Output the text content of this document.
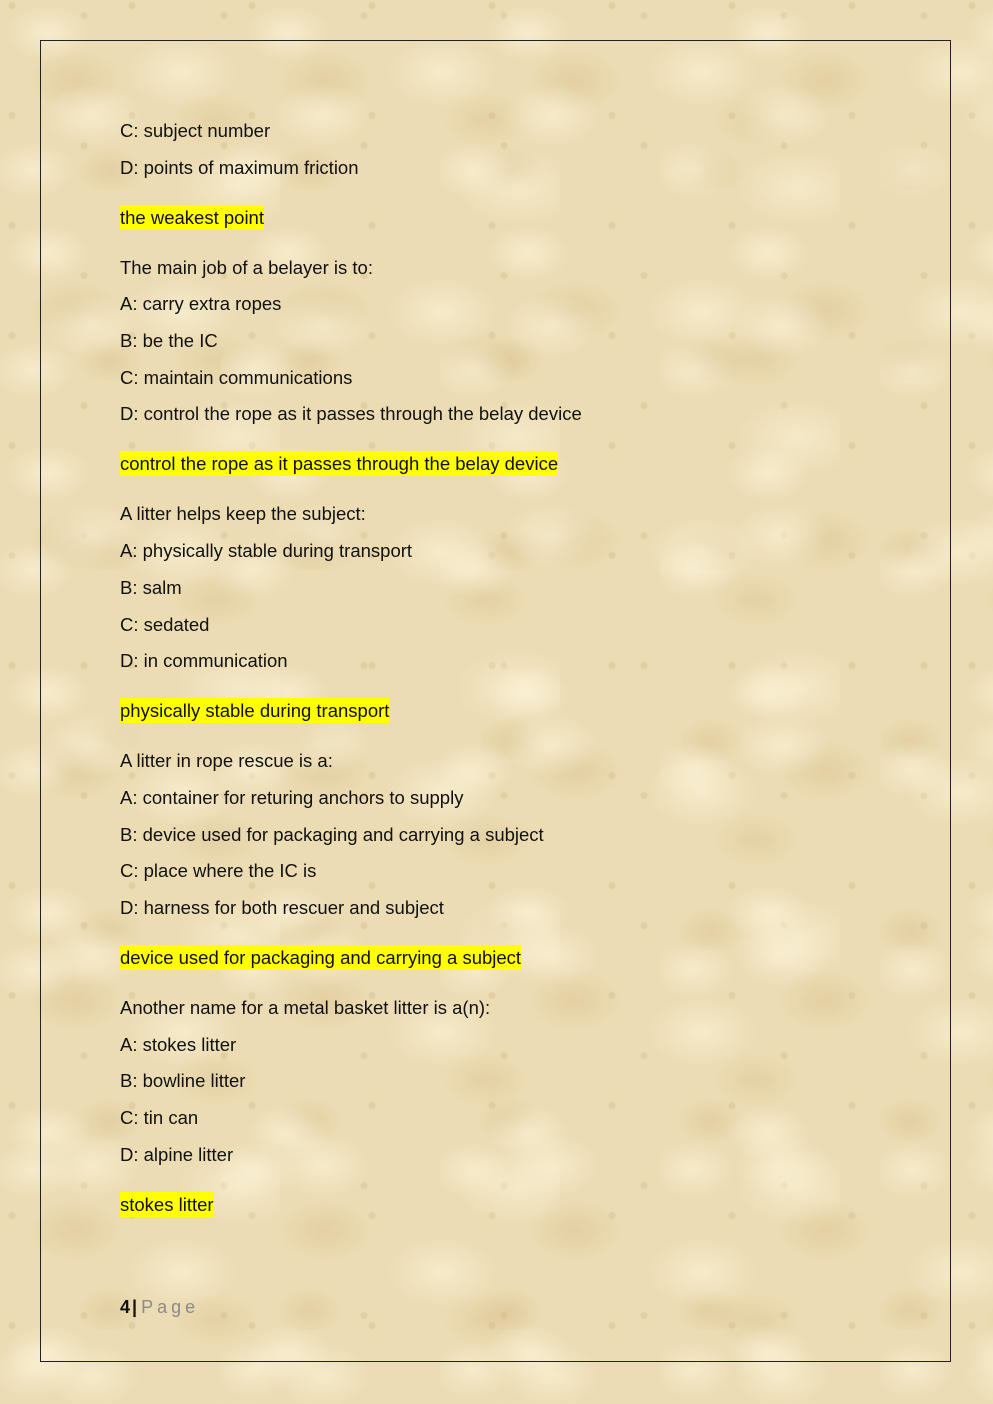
C: subject number
D: points of maximum friction
the weakest point
The main job of a belayer is to:
A: carry extra ropes
B: be the IC
C: maintain communications
D: control the rope as it passes through the belay device
control the rope as it passes through the belay device
A litter helps keep the subject:
A: physically stable during transport
B: salm
C: sedated
D: in communication
physically stable during transport
A litter in rope rescue is a:
A: container for returing anchors to supply
B: device used for packaging and carrying a subject
C: place where the IC is
D: harness for both rescuer and subject
device used for packaging and carrying a subject
Another name for a metal basket litter is a(n):
A: stokes litter
B: bowline litter
C: tin can
D: alpine litter
stokes litter
4 | Page
